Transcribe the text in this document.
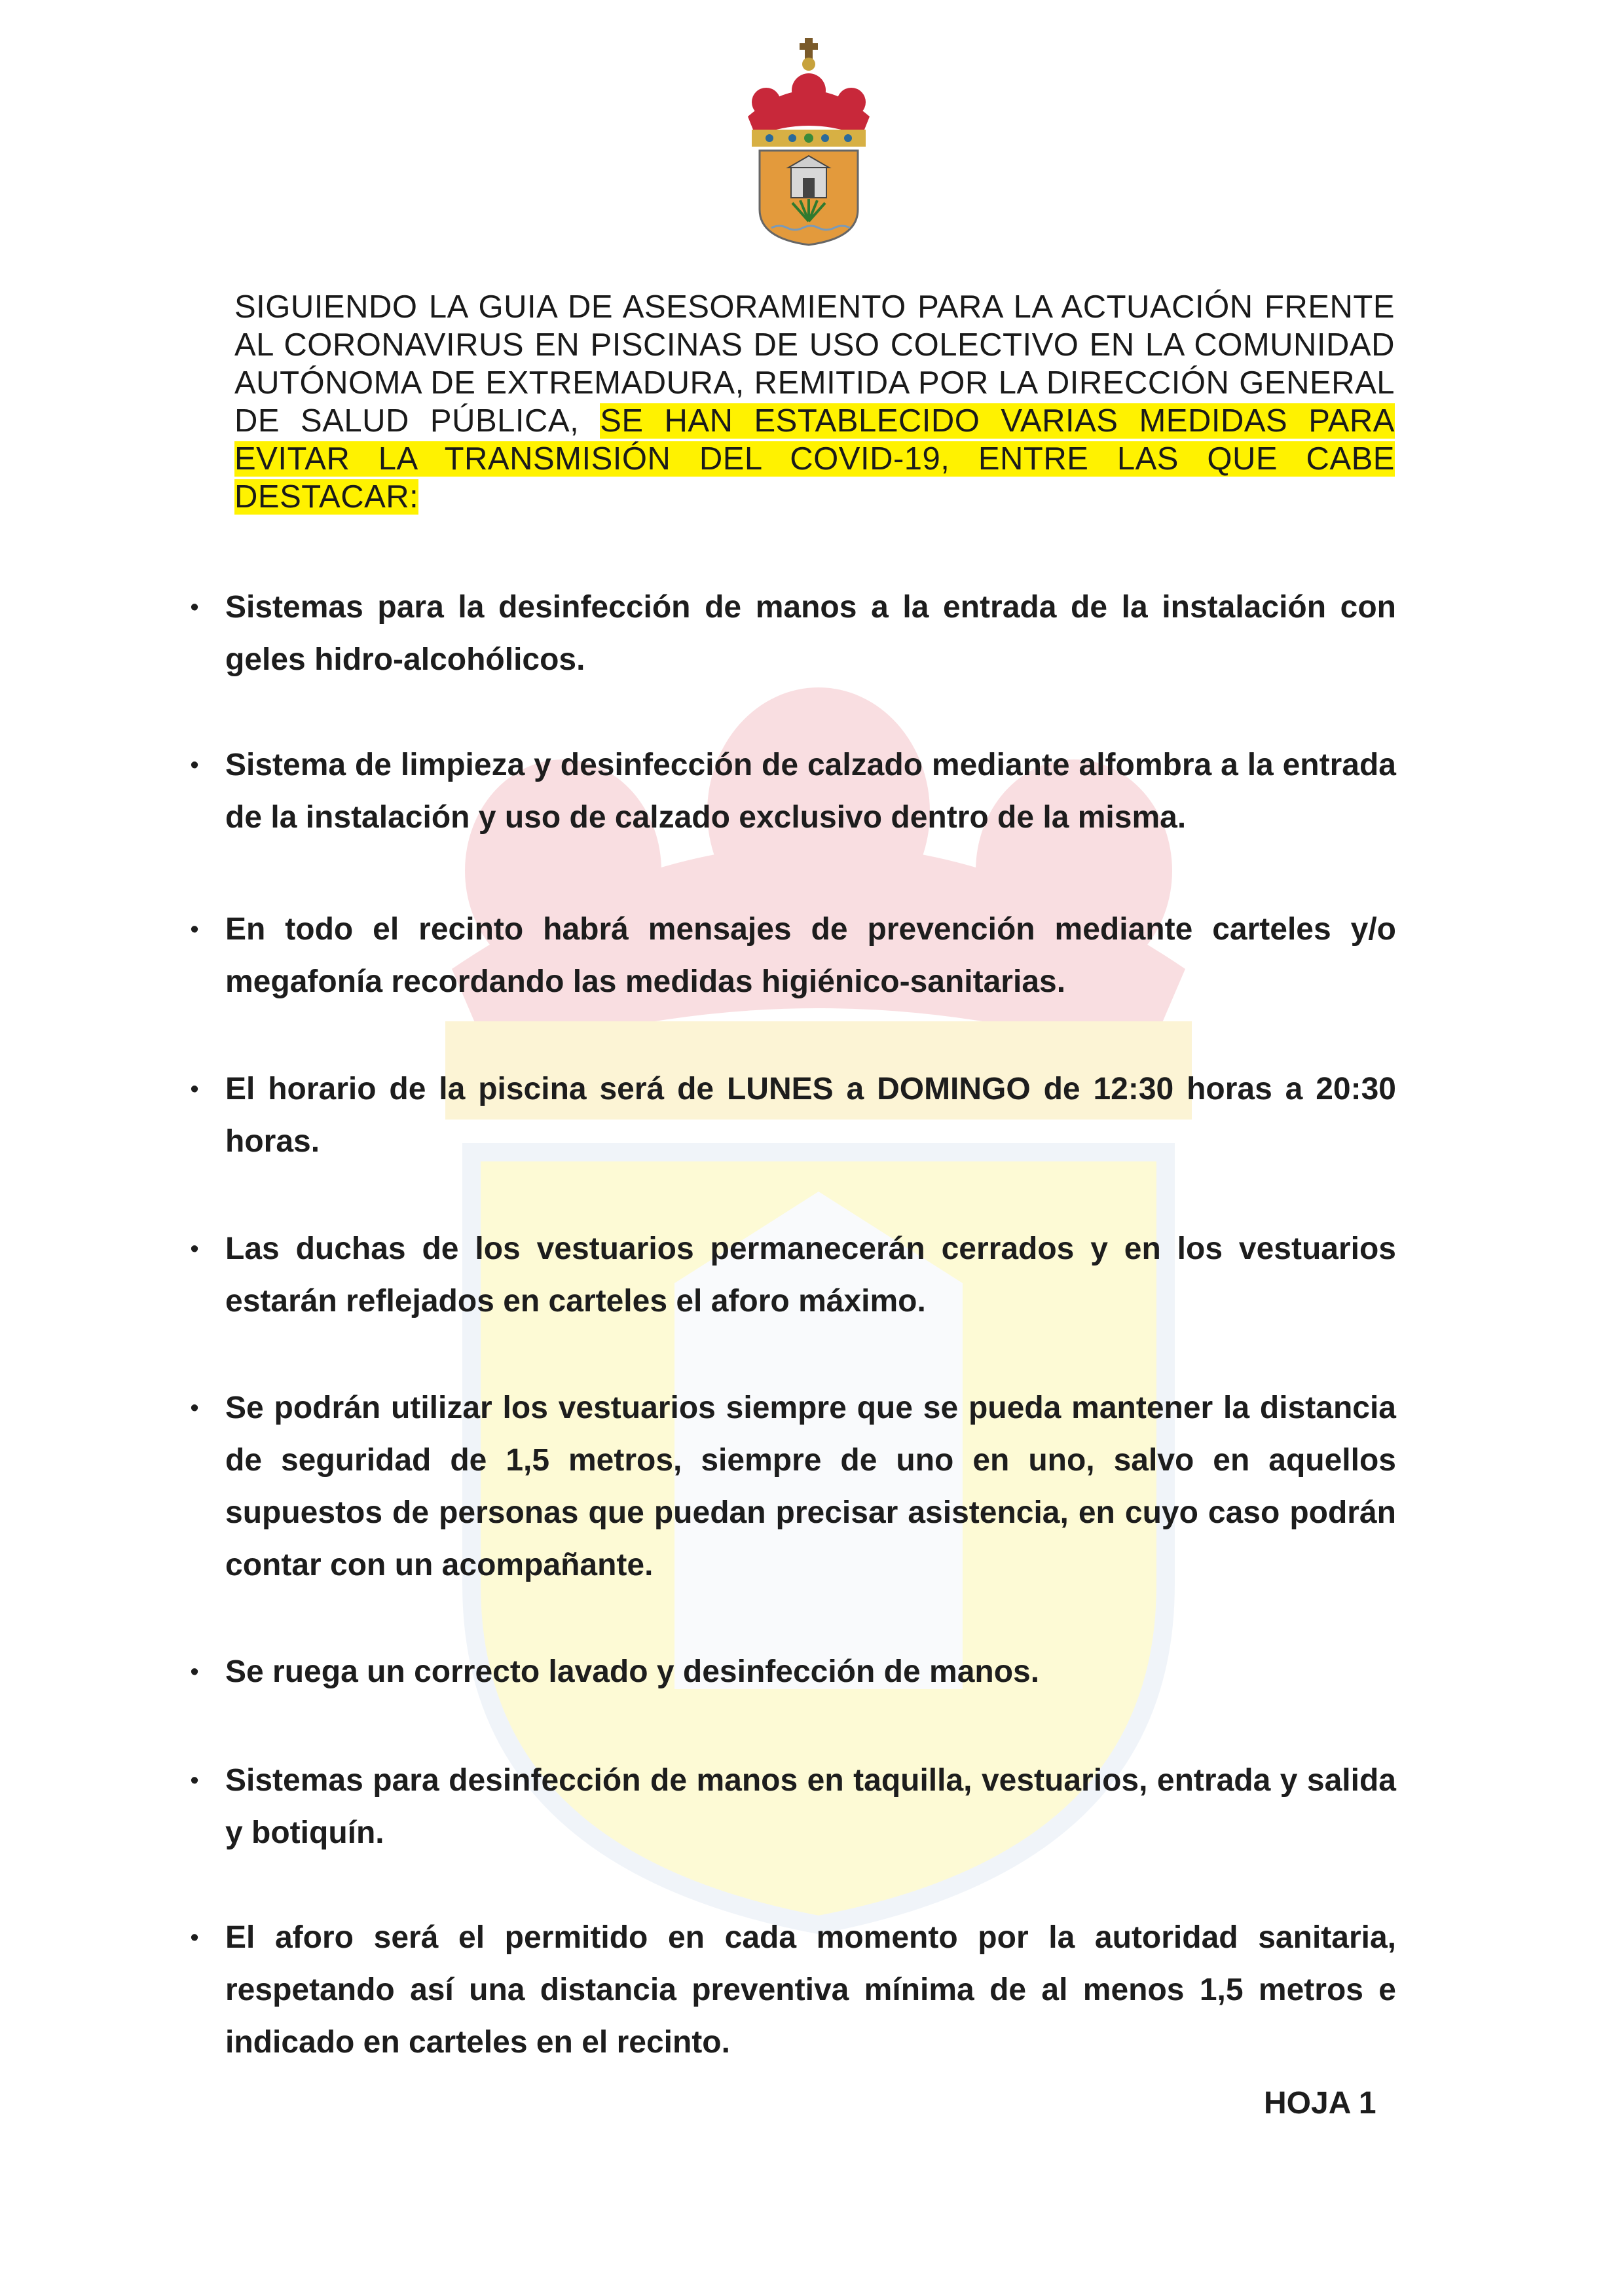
SIGUIENDO LA GUIA DE ASESORAMIENTO PARA LA ACTUACIÓN FRENTE AL CORONAVIRUS EN PISCINAS DE USO COLECTIVO EN LA COMUNIDAD AUTÓNOMA DE EXTREMADURA, REMITIDA POR LA DIRECCIÓN GENERAL DE SALUD PÚBLICA, SE HAN ESTABLECIDO VARIAS MEDIDAS PARA EVITAR LA TRANSMISIÓN DEL COVID-19, ENTRE LAS QUE CABE DESTACAR:

• Sistemas para la desinfección de manos a la entrada de la instalación con geles hidro-alcohólicos.
• Sistema de limpieza y desinfección de calzado mediante alfombra a la entrada de la instalación y uso de calzado exclusivo dentro de la misma.
• En todo el recinto habrá mensajes de prevención mediante carteles y/o megafonía recordando las medidas higiénico-sanitarias.
• El horario de la piscina será de LUNES a DOMINGO de 12:30 horas a 20:30 horas.
• Las duchas de los vestuarios permanecerán cerrados y en los vestuarios estarán reflejados en carteles el aforo máximo.
• Se podrán utilizar los vestuarios siempre que se pueda mantener la distancia de seguridad de 1,5 metros, siempre de uno en uno, salvo en aquellos supuestos de personas que puedan precisar asistencia, en cuyo caso podrán contar con un acompañante.
• Se ruega un correcto lavado y desinfección de manos.
• Sistemas para desinfección de manos en taquilla, vestuarios, entrada y salida y botiquín.
• El aforo será el permitido en cada momento por la autoridad sanitaria, respetando así una distancia preventiva mínima de al menos 1,5 metros e indicado en carteles en el recinto.

HOJA 1
